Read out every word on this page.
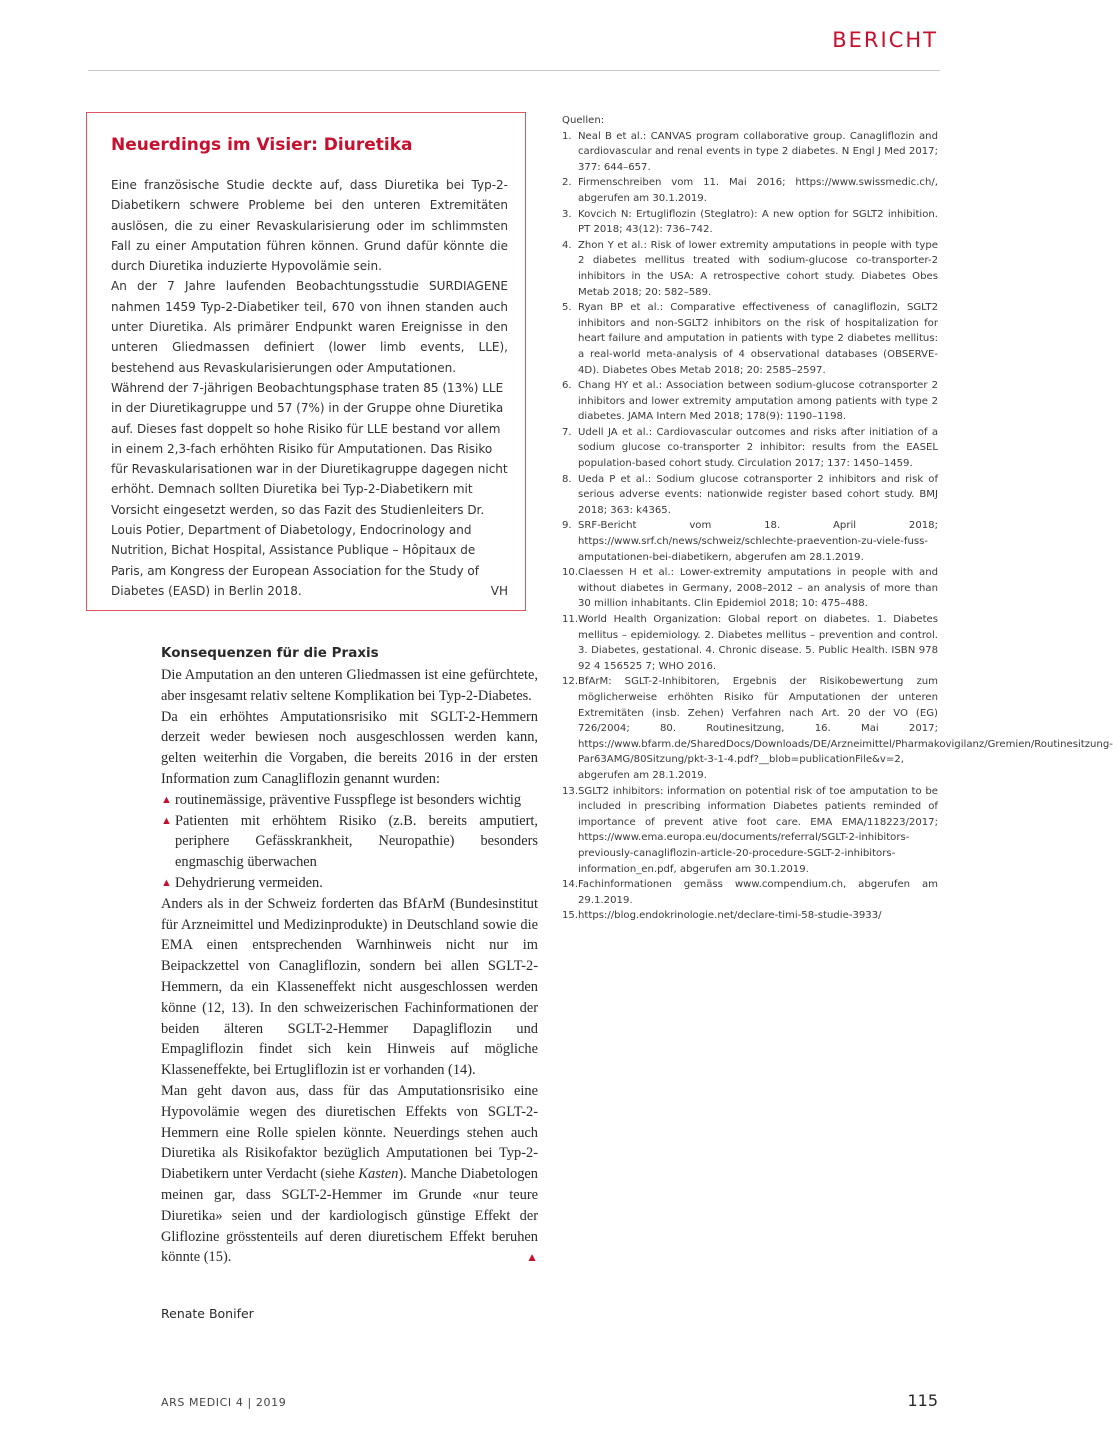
BERICHT
Neuerdings im Visier: Diuretika

Eine französische Studie deckte auf, dass Diuretika bei Typ-2-Diabetikern schwere Probleme bei den unteren Extremitäten auslösen, die zu einer Revaskularisierung oder im schlimmsten Fall zu einer Amputation führen können. Grund dafür könnte die durch Diuretika induzierte Hypovolämie sein.

An der 7 Jahre laufenden Beobachtungsstudie SURDIAGENE nahmen 1459 Typ-2-Diabetiker teil, 670 von ihnen standen auch unter Diuretika. Als primärer Endpunkt waren Ereignisse in den unteren Gliedmassen definiert (lower limb events, LLE), bestehend aus Revaskularisierungen oder Amputationen.

Während der 7-jährigen Beobachtungsphase traten 85 (13%) LLE in der Diuretikagruppe und 57 (7%) in der Gruppe ohne Diuretika auf. Dieses fast doppelt so hohe Risiko für LLE bestand vor allem in einem 2,3-fach erhöhten Risiko für Amputationen. Das Risiko für Revaskularisationen war in der Diuretikagruppe dagegen nicht erhöht. Demnach sollten Diuretika bei Typ-2-Diabetikern mit Vorsicht eingesetzt werden, so das Fazit des Studienleiters Dr. Louis Potier, Department of Diabetology, Endocrinology and Nutrition, Bichat Hospital, Assistance Publique – Hôpitaux de Paris, am Kongress der European Association for the Study of Diabetes (EASD) in Berlin 2018.	VH

Konsequenzen für die Praxis

Die Amputation an den unteren Gliedmassen ist eine gefürchtete, aber insgesamt relativ seltene Komplikation bei Typ-2-Diabetes.

Da ein erhöhtes Amputationsrisiko mit SGLT-2-Hemmern derzeit weder bewiesen noch ausgeschlossen werden kann, gelten weiterhin die Vorgaben, die bereits 2016 in der ersten Information zum Canagliflozin genannt wurden:

▲ routinemässige, präventive Fusspflege ist besonders wichtig
▲ Patienten mit erhöhtem Risiko (z.B. bereits amputiert, periphere Gefässkrankheit, Neuropathie) besonders engmaschig überwachen
▲ Dehydrierung vermeiden.

Anders als in der Schweiz forderten das BfArM (Bundesinstitut für Arzneimittel und Medizinprodukte) in Deutschland sowie die EMA einen entsprechenden Warnhinweis nicht nur im Beipackzettel von Canagliflozin, sondern bei allen SGLT-2-Hemmern, da ein Klasseneffekt nicht ausgeschlossen werden könne (12, 13). In den schweizerischen Fachinformationen der beiden älteren SGLT-2-Hemmer Dapagliflozin und Empagliflozin findet sich kein Hinweis auf mögliche Klasseneffekte, bei Ertugliflozin ist er vorhanden (14).

Man geht davon aus, dass für das Amputationsrisiko eine Hypovolämie wegen des diuretischen Effekts von SGLT-2-Hemmern eine Rolle spielen könnte. Neuerdings stehen auch Diuretika als Risikofaktor bezüglich Amputationen bei Typ-2-Diabetikern unter Verdacht (siehe Kasten). Manche Diabetologen meinen gar, dass SGLT-2-Hemmer im Grunde «nur teure Diuretika» seien und der kardiologisch günstige Effekt der Gliflozine grösstenteils auf deren diuretischem Effekt beruhen könnte (15).	▲

Renate Bonifer

Quellen:

1. Neal B et al.: CANVAS program collaborative group. Canagliflozin and cardiovascular and renal events in type 2 diabetes. N Engl J Med 2017; 377: 644–657.
2. Firmenschreiben vom 11. Mai 2016; https://www.swissmedic.ch/, abgerufen am 30.1.2019.
3. Kovcich N: Ertugliflozin (Steglatro): A new option for SGLT2 inhibition. PT 2018; 43(12): 736–742.
4. Zhon Y et al.: Risk of lower extremity amputations in people with type 2 diabetes mellitus treated with sodium-glucose co-transporter-2 inhibitors in the USA: A retrospective cohort study. Diabetes Obes Metab 2018; 20: 582–589.
5. Ryan BP et al.: Comparative effectiveness of canagliflozin, SGLT2 inhibitors and non-SGLT2 inhibitors on the risk of hospitalization for heart failure and amputation in patients with type 2 diabetes mellitus: a real-world meta-analysis of 4 observational databases (OBSERVE-4D). Diabetes Obes Metab 2018; 20: 2585–2597.
6. Chang HY et al.: Association between sodium-glucose cotransporter 2 inhibitors and lower extremity amputation among patients with type 2 diabetes. JAMA Intern Med 2018; 178(9): 1190–1198.
7. Udell JA et al.: Cardiovascular outcomes and risks after initiation of a sodium glucose co-transporter 2 inhibitor: results from the EASEL population-based cohort study. Circulation 2017; 137: 1450–1459.
8. Ueda P et al.: Sodium glucose cotransporter 2 inhibitors and risk of serious adverse events: nationwide register based cohort study. BMJ 2018; 363: k4365.
9. SRF-Bericht vom 18. April 2018; https://www.srf.ch/news/schweiz/schlechte-praevention-zu-viele-fuss-amputationen-bei-diabetikern, abgerufen am 28.1.2019.
10. Claessen H et al.: Lower-extremity amputations in people with and without diabetes in Germany, 2008–2012 – an analysis of more than 30 million inhabitants. Clin Epidemiol 2018; 10: 475–488.
11. World Health Organization: Global report on diabetes. 1. Diabetes mellitus – epidemiology. 2. Diabetes mellitus – prevention and control. 3. Diabetes, gestational. 4. Chronic disease. 5. Public Health. ISBN 978 92 4 156525 7; WHO 2016.
12. BfArM: SGLT-2-Inhibitoren, Ergebnis der Risikobewertung zum möglicherweise erhöhten Risiko für Amputationen der unteren Extremitäten (insb. Zehen) Verfahren nach Art. 20 der VO (EG) 726/2004; 80. Routinesitzung, 16. Mai 2017; https://www.bfarm.de/SharedDocs/Downloads/DE/Arzneimittel/Pharmakovigilanz/Gremien/Routinesitzung-Par63AMG/80Sitzung/pkt-3-1-4.pdf?__blob=publicationFile&v=2, abgerufen am 28.1.2019.
13. SGLT2 inhibitors: information on potential risk of toe amputation to be included in prescribing information Diabetes patients reminded of importance of prevent ative foot care. EMA EMA/118223/2017; https://www.ema.europa.eu/documents/referral/SGLT-2-inhibitors-previously-canagliflozin-article-20-procedure-SGLT-2-inhibitors-information_en.pdf, abgerufen am 30.1.2019.
14. Fachinformationen gemäss www.compendium.ch, abgerufen am 29.1.2019.
15. https://blog.endokrinologie.net/declare-timi-58-studie-3933/

ARS MEDICI 4 | 2019	115
